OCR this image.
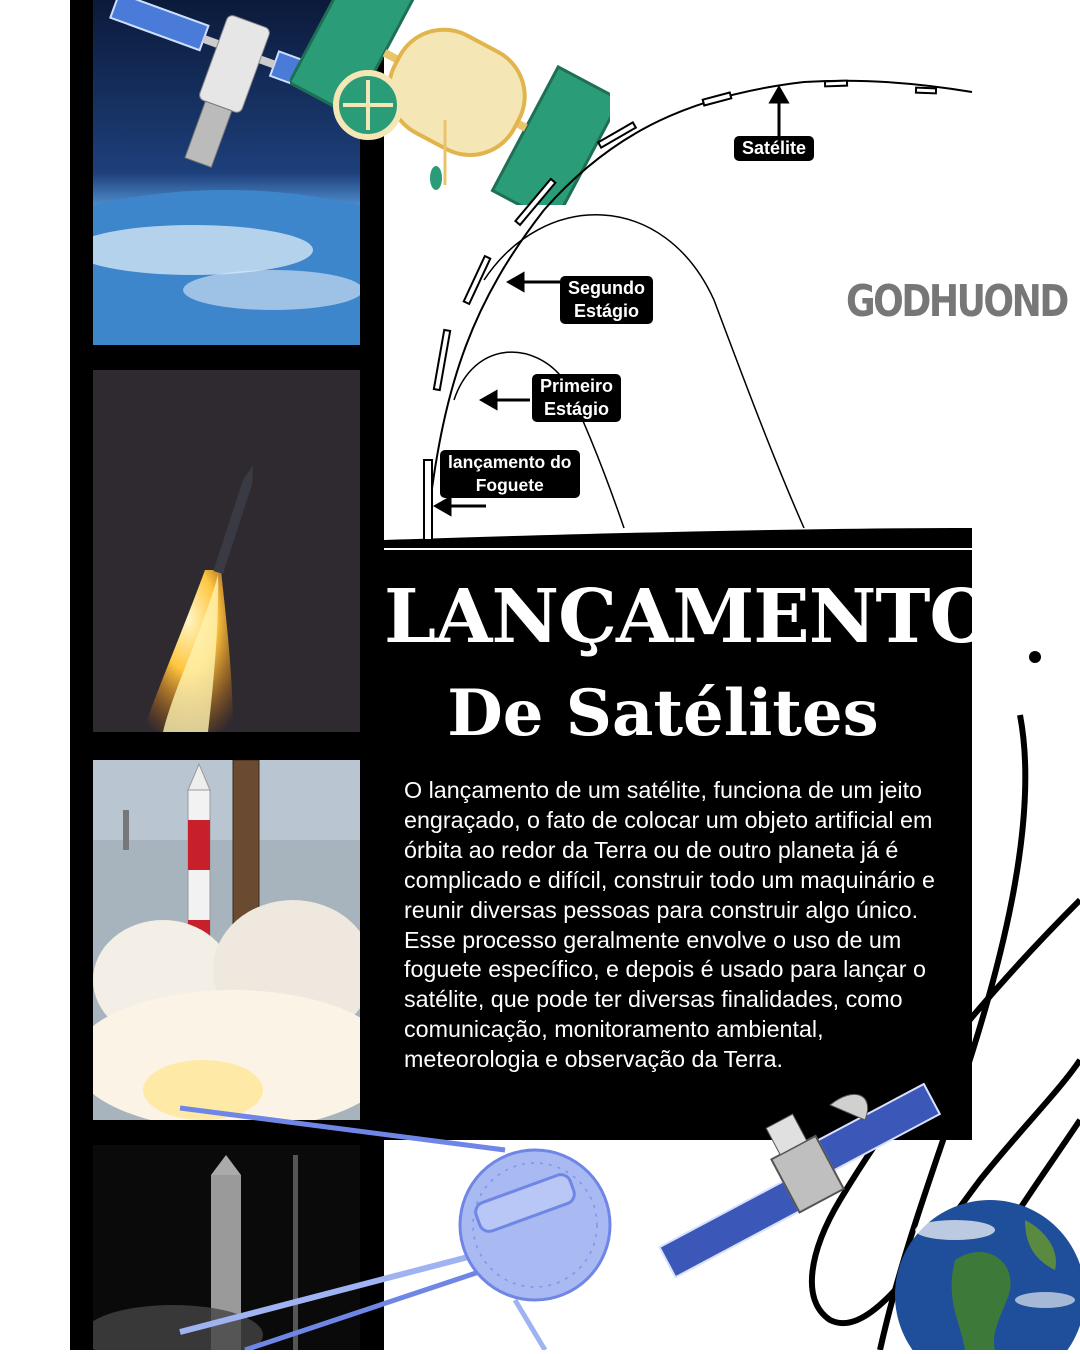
Satélite
Segundo
Estágio
Primeiro
Estágio
lançamento do
Foguete
GODHUOND
LANÇAMENTO
De Satélites
O lançamento de um satélite, funciona de um jeito engraçado, o fato de colocar um objeto artificial em órbita ao redor da Terra ou de outro planeta já é complicado e difícil, construir todo um maquinário e reunir diversas pessoas para construir algo único. Esse processo geralmente envolve o uso de um foguete específico, e depois é usado para lançar o satélite, que pode ter diversas finalidades, como comunicação, monitoramento ambiental, meteorologia e observação da Terra.
